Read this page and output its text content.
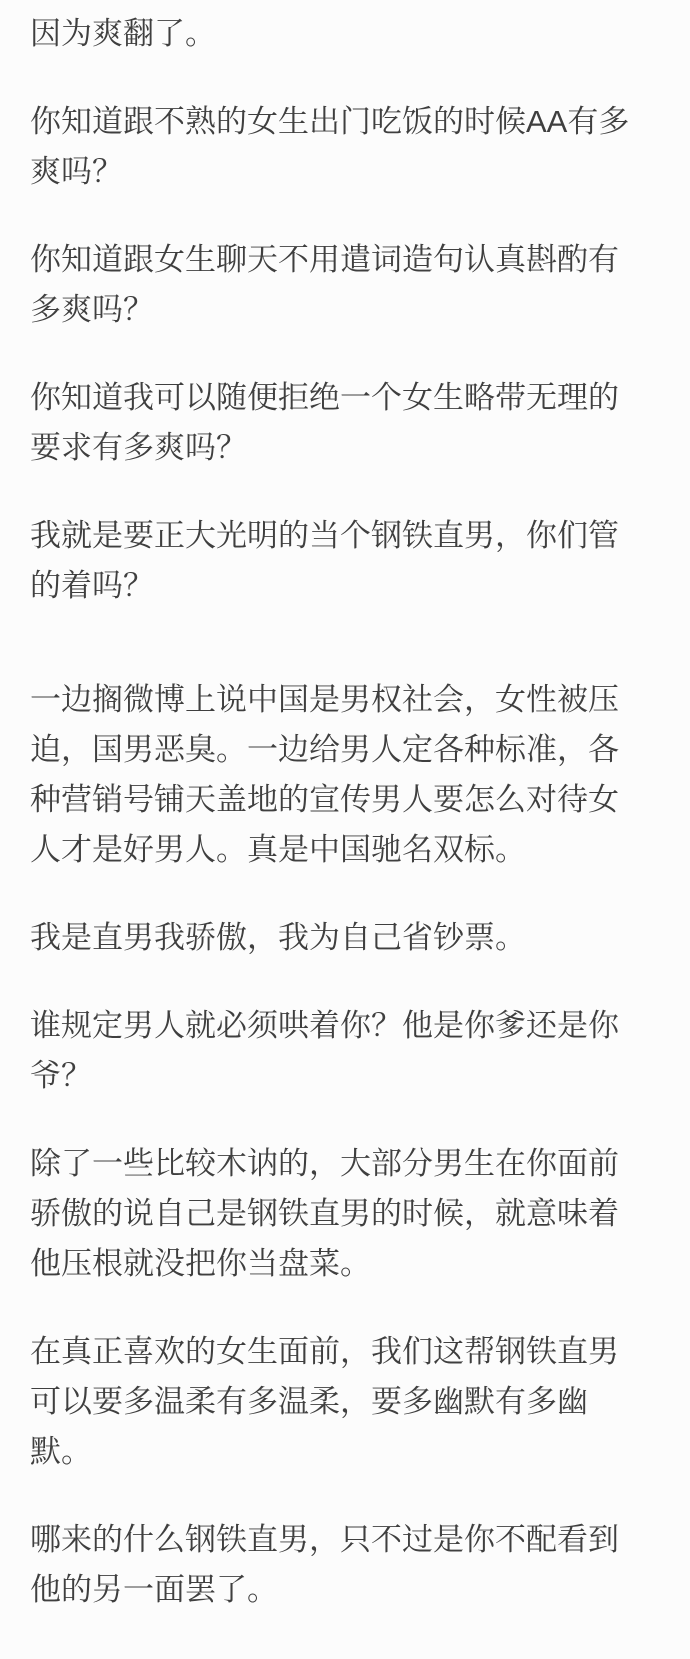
因为爽翻了。

你知道跟不熟的女生出门吃饭的时候AA有多爽吗？

你知道跟女生聊天不用遣词造句认真斟酌有多爽吗？

你知道我可以随便拒绝一个女生略带无理的要求有多爽吗？

我就是要正大光明的当个钢铁直男，你们管的着吗？

一边搁微博上说中国是男权社会，女性被压迫，国男恶臭。一边给男人定各种标准，各种营销号铺天盖地的宣传男人要怎么对待女人才是好男人。真是中国驰名双标。

我是直男我骄傲，我为自己省钞票。

谁规定男人就必须哄着你？他是你爹还是你爷？

除了一些比较木讷的，大部分男生在你面前骄傲的说自己是钢铁直男的时候，就意味着他压根就没把你当盘菜。

在真正喜欢的女生面前，我们这帮钢铁直男可以要多温柔有多温柔，要多幽默有多幽默。

哪来的什么钢铁直男，只不过是你不配看到他的另一面罢了。
